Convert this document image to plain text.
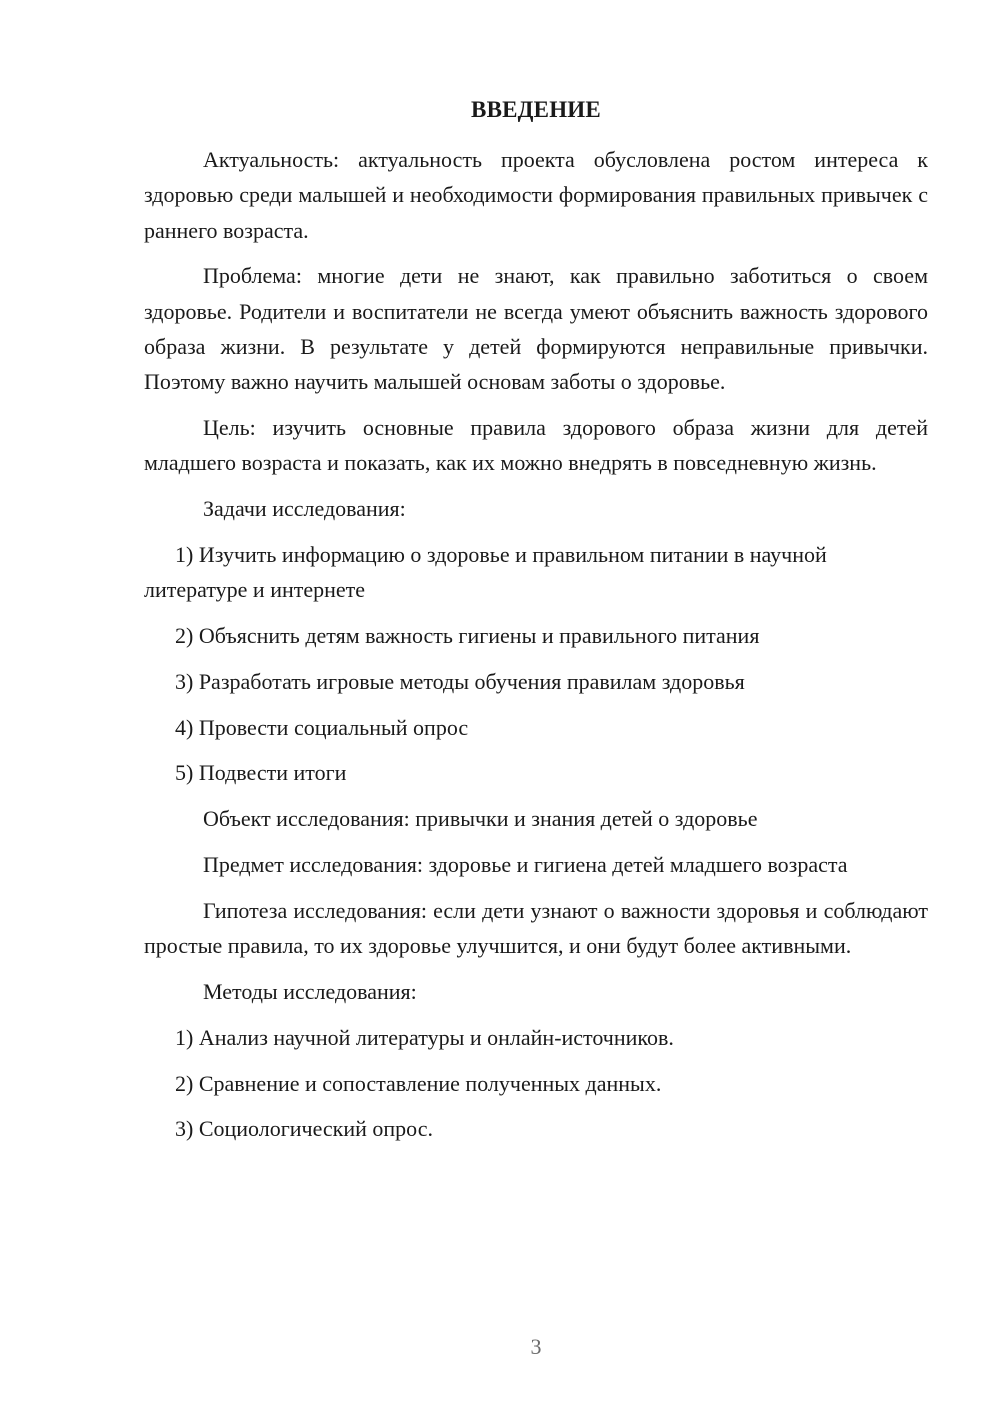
ВВЕДЕНИЕ

Актуальность: актуальность проекта обусловлена ростом интереса к здоровью среди малышей и необходимости формирования правильных привычек с раннего возраста.

Проблема: многие дети не знают, как правильно заботиться о своем здоровье. Родители и воспитатели не всегда умеют объяснить важность здорового образа жизни. В результате у детей формируются неправильные привычки. Поэтому важно научить малышей основам заботы о здоровье.

Цель: изучить основные правила здорового образа жизни для детей младшего возраста и показать, как их можно внедрять в повседневную жизнь.

Задачи исследования:

1) Изучить информацию о здоровье и правильном питании в научной литературе и интернете

2) Объяснить детям важность гигиены и правильного питания

3) Разработать игровые методы обучения правилам здоровья

4) Провести социальный опрос

5) Подвести итоги

Объект исследования: привычки и знания детей о здоровье

Предмет исследования: здоровье и гигиена детей младшего возраста

Гипотеза исследования: если дети узнают о важности здоровья и соблюдают простые правила, то их здоровье улучшится, и они будут более активными.

Методы исследования:

1) Анализ научной литературы и онлайн-источников.

2) Сравнение и сопоставление полученных данных.

3) Социологический опрос.

3
